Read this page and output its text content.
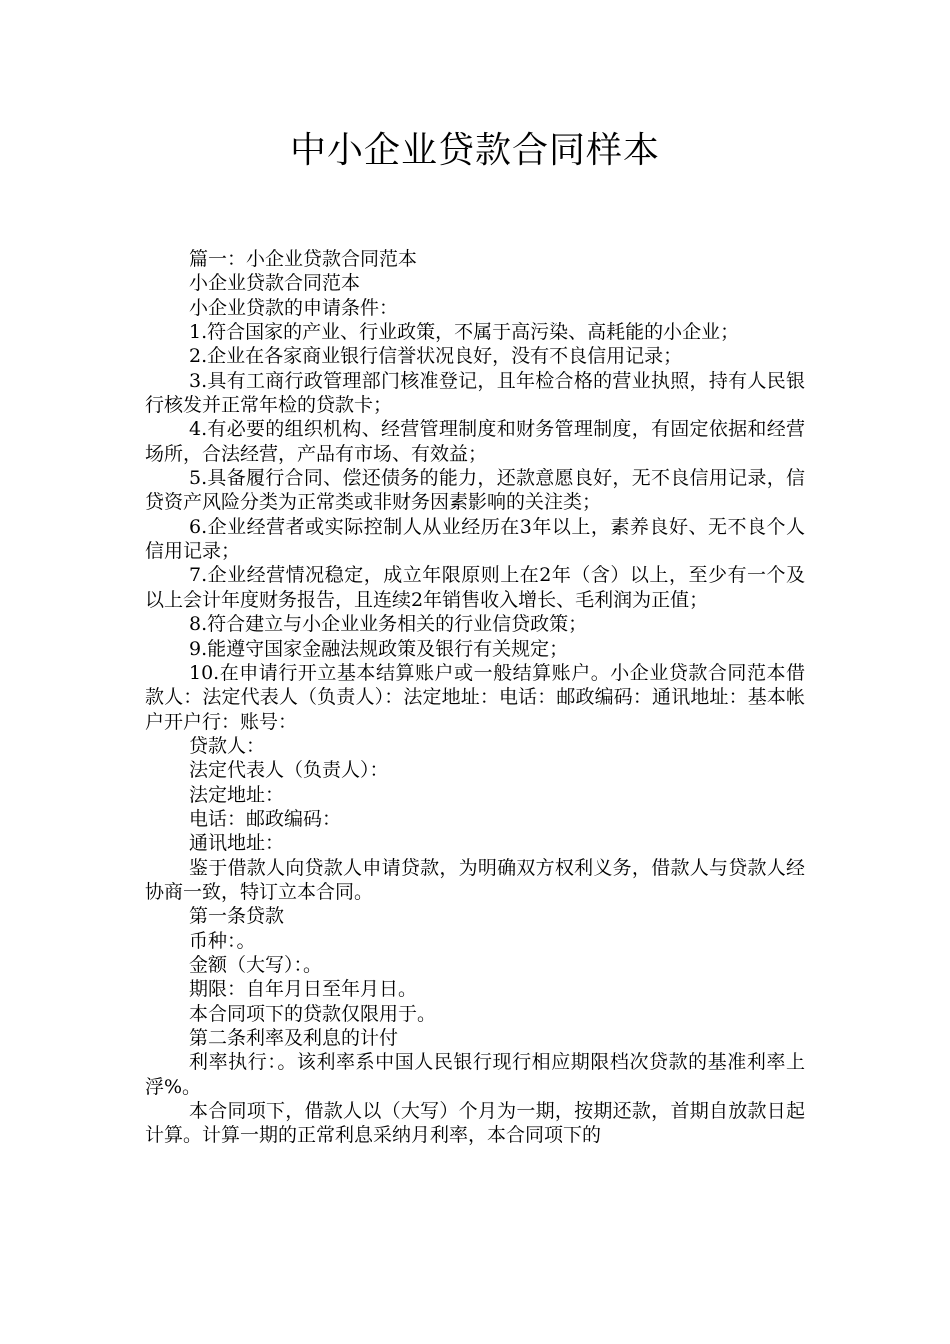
中小企业贷款合同样本

篇一：小企业贷款合同范本

小企业贷款合同范本

小企业贷款的申请条件：

1.符合国家的产业、行业政策，不属于高污染、高耗能的小企业；

2.企业在各家商业银行信誉状况良好，没有不良信用记录；

3.具有工商行政管理部门核准登记，且年检合格的营业执照，持有人民银行核发并正常年检的贷款卡；

4.有必要的组织机构、经营管理制度和财务管理制度，有固定依据和经营场所，合法经营，产品有市场、有效益；

5.具备履行合同、偿还债务的能力，还款意愿良好，无不良信用记录，信贷资产风险分类为正常类或非财务因素影响的关注类；

6.企业经营者或实际控制人从业经历在3年以上，素养良好、无不良个人信用记录；

7.企业经营情况稳定，成立年限原则上在2年（含）以上，至少有一个及以上会计年度财务报告，且连续2年销售收入增长、毛利润为正值；

8.符合建立与小企业业务相关的行业信贷政策；

9.能遵守国家金融法规政策及银行有关规定；

10.在申请行开立基本结算账户或一般结算账户。小企业贷款合同范本借款人：法定代表人（负责人）：法定地址：电话：邮政编码：通讯地址：基本帐户开户行：账号：

贷款人：

法定代表人（负责人）：

法定地址：

电话：邮政编码：

通讯地址：

鉴于借款人向贷款人申请贷款，为明确双方权利义务，借款人与贷款人经协商一致，特订立本合同。

第一条贷款

币种：。

金额（大写）：。

期限：自年月日至年月日。

本合同项下的贷款仅限用于。

第二条利率及利息的计付

利率执行：。该利率系中国人民银行现行相应期限档次贷款的基准利率上浮%。

本合同项下，借款人以（大写）个月为一期，按期还款，首期自放款日起计算。计算一期的正常利息采纳月利率，本合同项下的
